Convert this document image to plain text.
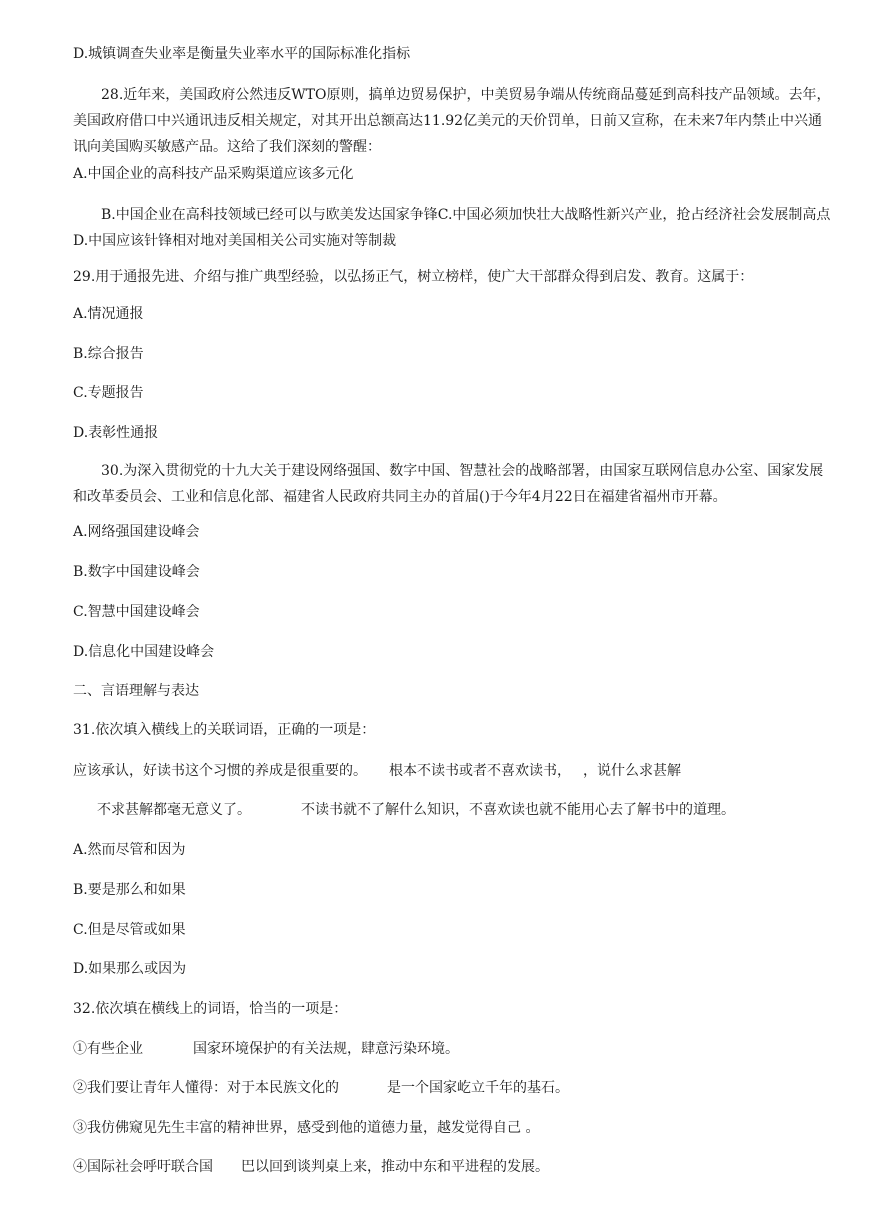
D.城镇调查失业率是衡量失业率水平的国际标准化指标
28.近年来，美国政府公然违反WTO原则，搞单边贸易保护，中美贸易争端从传统商品蔓延到高科技产品领域。去年，美国政府借口中兴通讯违反相关规定，对其开出总额高达11.92亿美元的天价罚单，日前又宣称，在未来7年内禁止中兴通讯向美国购买敏感产品。这给了我们深刻的警醒：
A.中国企业的高科技产品采购渠道应该多元化
B.中国企业在高科技领域已经可以与欧美发达国家争锋C.中国必须加快壮大战略性新兴产业，抢占经济社会发展制高点D.中国应该针锋相对地对美国相关公司实施对等制裁
29.用于通报先进、介绍与推广典型经验，以弘扬正气，树立榜样，使广大干部群众得到启发、教育。这属于：
A.情况通报
B.综合报告
C.专题报告
D.表彰性通报
30.为深入贯彻党的十九大关于建设网络强国、数字中国、智慧社会的战略部署，由国家互联网信息办公室、国家发展和改革委员会、工业和信息化部、福建省人民政府共同主办的首届()于今年4月22日在福建省福州市开幕。
A.网络强国建设峰会
B.数字中国建设峰会
C.智慧中国建设峰会
D.信息化中国建设峰会
二、言语理解与表达
31.依次填入横线上的关联词语，正确的一项是：
应该承认，好读书这个习惯的养成是很重要的。 根本不读书或者不喜欢读书， ，说什么求甚解
不求甚解都毫无意义了。	不读书就不了解什么知识，不喜欢读也就不能用心去了解书中的道理。
A.然而尽管和因为
B.要是那么和如果
C.但是尽管或如果
D.如果那么或因为
32.依次填在横线上的词语，恰当的一项是：
①有些企业	国家环境保护的有关法规，肆意污染环境。
②我们要让青年人懂得：对于本民族文化的	是一个国家屹立千年的基石。
③我仿佛窥见先生丰富的精神世界，感受到他的道德力量，越发觉得自己 。
④国际社会呼吁联合国 巴以回到谈判桌上来，推动中东和平进程的发展。
